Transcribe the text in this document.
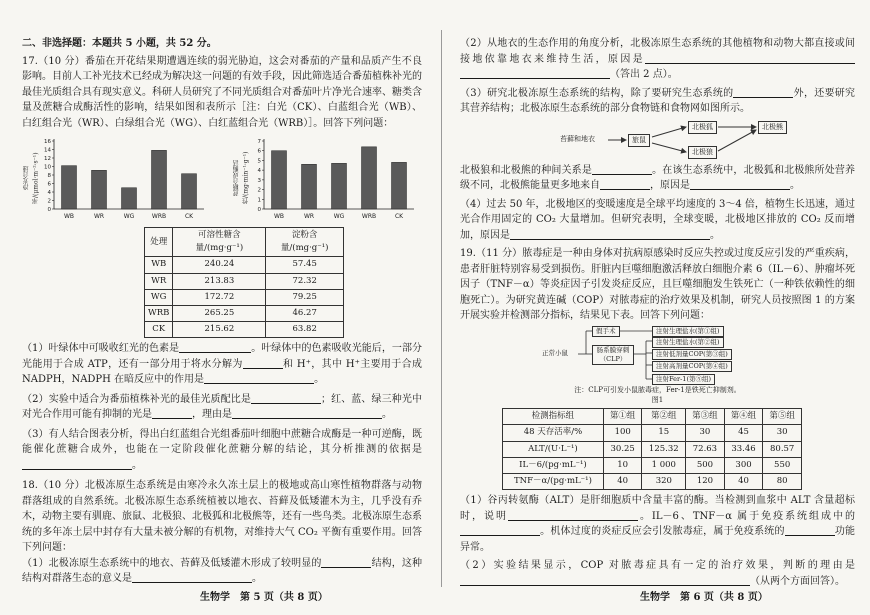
二、非选择题：本题共 5 小题，共 52 分。

17.（10 分）番茄在开花结果期遭遇连续的弱光胁迫，这会对番茄的产量和品质产生不良影响。目前人工补光技术已经成为解决这一问题的有效手段，因此筛选适合番茄植株补光的最佳光质组合具有现实意义。科研人员研究了不同光质组合对番茄叶片净光合速率、糖类含量及蔗糖合成酶活性的影响，结果如图和表所示［注：白光（CK）、白蓝组合光（WB）、白红组合光（WR）、白绿组合光（WG）、白红蓝组合光（WRB）］。回答下列问题：

净光合速率/(μmol·m⁻²·s⁻¹)
0
2
4
6
8
10
12
14
16
WB	WR	WG	WRB	CK
蔗糖合成酶活性/(mg·min⁻¹·g⁻¹)
0
1
2
3
4
5
6
7
WB	WR	WG	WRB	CK
处理	可溶性糖含量/(mg·g⁻¹)	淀粉含量/(mg·g⁻¹)
WB	240.24	57.45
WR	213.83	72.32
WG	172.72	79.25
WRB	265.25	46.27
CK	215.62	63.82

（1）叶绿体中可吸收红光的色素是	。叶绿体中的色素吸收光能后，一部分光能用于合成 ATP，还有一部分用于将水分解为	和 H⁺，其中 H⁺主要用于合成 NADPH，NADPH 在暗反应中的作用是	。

（2）实验中适合为番茄植株补光的最佳光质配比是	；红、蓝、绿三种光中对光合作用可能有抑制的光是	，理由是	。

（3）有人结合图表分析，得出白红蓝组合光组番茄叶细胞中蔗糖合成酶是一种可逆酶，既能催化蔗糖合成外，也能在一定阶段催化蔗糖分解的结论，其分析推测的依据是。

18.（10 分）北极冻原生态系统是由寒冷永久冻土层上的极地或高山寒性植物群落与动物群落组成的自然系统。北极冻原生态系统植被以地衣、苔藓及低矮灌木为主，几乎没有乔木，动物主要有驯鹿、旅鼠、北极狼、北极狐和北极熊等，还有一些鸟类。北极冻原生态系统的多年冻土层中封存有大量未被分解的有机物，对维持大气 CO₂ 平衡有重要作用。回答下列问题：

（1）北极冻原生态系统中的地衣、苔藓及低矮灌木形成了较明显的	结构，这种结构对群落生态的意义是	。

（2）从地衣的生态作用的角度分析，北极冻原生态系统的其他植物和动物大都直接或间接地依靠地衣来维持生活，原因是（答出 2 点）。

（3）研究北极冻原生态系统的结构，除了要研究生态系统的	外，还要研究其营养结构；北极冻原生态系统的部分食物链和食物网如图所示。

苔藓和地衣	旅鼠
北极狐
北极狼
北极熊

北极狼和北极熊的种间关系是	。在该生态系统中，北极狐和北极熊所处营养级不同，北极熊能量更多地来自	，原因是	。

（4）过去 50 年，北极地区的变暖速度是全球平均速度的 3～4 倍，植物生长迅速，通过光合作用固定的 CO₂ 大量增加。但研究表明，全球变暖，北极地区排放的 CO₂ 反而增加，原因是	。

19.（11 分）脓毒症是一种由身体对抗病原感染时反应失控或过度反应引发的严重疾病，患者肝脏特别容易受到损伤。肝脏内巨噬细胞激活释放白细胞介素 6（IL－6）、肿瘤坏死因子（TNF－α）等炎症因子引发炎症反应，且巨噬细胞发生铁死亡（一种铁依赖性的细胞死亡）。为研究黄连碱（COP）对脓毒症的治疗效果及机制，研究人员按照图 1 的方案开展实验并检测部分指标，结果见下表。回答下列问题：

正常小鼠
假手术
肠系膜穿刺（CLP）
注射生理盐水(第①组)
注射生理盐水(第②组)
注射低剂量COP(第③组)
注射高剂量COP(第④组)
注射Fer-1(第⑤组)

注：CLP可引发小鼠脓毒症，Fer-1是铁死亡抑制剂。

图1

检测指标组	第①组	第②组	第③组	第④组	第⑤组
48 天存活率/%	100	15	30	45	30
ALT/(U·L⁻¹)	30.25	125.32	72.63	33.46	80.57
IL－6/(pg·mL⁻¹)	10	1 000	500	300	550
TNF－α/(pg·mL⁻¹)	40	320	120	40	80

（1）谷丙转氨酶（ALT）是肝细胞质中含量丰富的酶。当检测到血浆中 ALT 含量超标时，说明	。IL－6、TNF－α 属于免疫系统组成中的。机体过度的炎症反应会引发脓毒症，属于免疫系统的	功能异常。

（2）实验结果显示，COP 对脓毒症具有一定的治疗效果，判断的理由是（从两个方面回答）。

生物学　第 5 页（共 8 页）	生物学　第 6 页（共 8 页）
